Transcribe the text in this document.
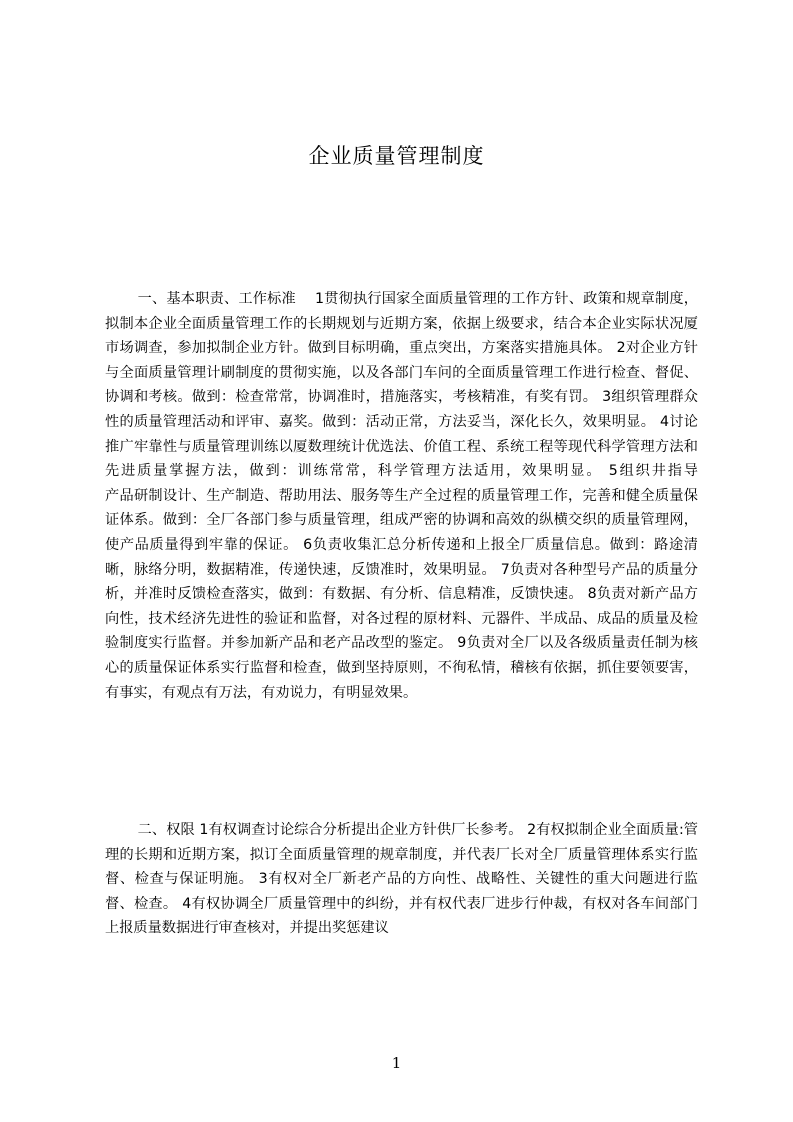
企业质量管理制度

一、基本职责、工作标准　 1贯彻执行国家全面质量管理的工作方针、政策和规章制度，拟制本企业全面质量管理工作的长期规划与近期方案，依据上级要求，结合本企业实际状况厦市场调查，参加拟制企业方针。做到目标明确，重点突出，方案落实措施具体。 2对企业方针与全面质量管理计刷制度的贯彻实施，以及各部门车问的全面质量管理工作进行检查、督促、协调和考核。做到：检查常常，协调准时，措施落实，考核精准，有奖有罚。 3组织管理群众性的质量管理活动和评审、嘉奖。做到：活动正常，方法妥当，深化长久，效果明显。 4讨论推广牢靠性与质量管理训练以厦数理统计优选法、价值工程、系统工程等现代科学管理方法和先进质量掌握方法，做到：训练常常，科学管理方法适用，效果明显。 5组织井指导　　　　　产品研制设计、生产制造、帮助用法、服务等生产全过程的质量管理工作，完善和健全质量保证体系。做到：全厂各部门参与质量管理，组成严密的协调和高效的纵横交织的质量管理网，使产品质量得到牢靠的保证。 6负责收集汇总分析传递和上报全厂质量信息。做到：路途清晰，脉络分明，数据精准，传递快速，反馈准时，效果明显。 7负责对各种型号产品的质量分析，并准时反馈检查落实，做到：有数据、有分析、信息精准，反馈快速。 8负责对新产品方向性，技术经济先进性的验证和监督，对各过程的原材料、元器件、半成品、成品的质量及检验制度实行监督。并参加新产品和老产品改型的鉴定。 9负责对全厂以及各级质量责任制为核心的质量保证体系实行监督和检查，做到坚持原则，不徇私情，稽核有依据，抓住要领要害，有事实，有观点有万法，有劝说力，有明显效果。

二、权限 1有权调查讨论综合分析提出企业方针供厂长参考。 2有权拟制企业全面质量:管理的长期和近期方案，拟订全面质量管理的规章制度，并代表厂长对全厂质量管理体系实行监督、检查与保证明施。 3有权对全厂新老产品的方向性、战略性、关键性的重大问题进行监督、检查。 4有权协调全厂质量管理中的纠纷，并有权代表厂进步行仲裁，有权对各车间部门上报质量数据进行审查核对，并提出奖惩建议

1
